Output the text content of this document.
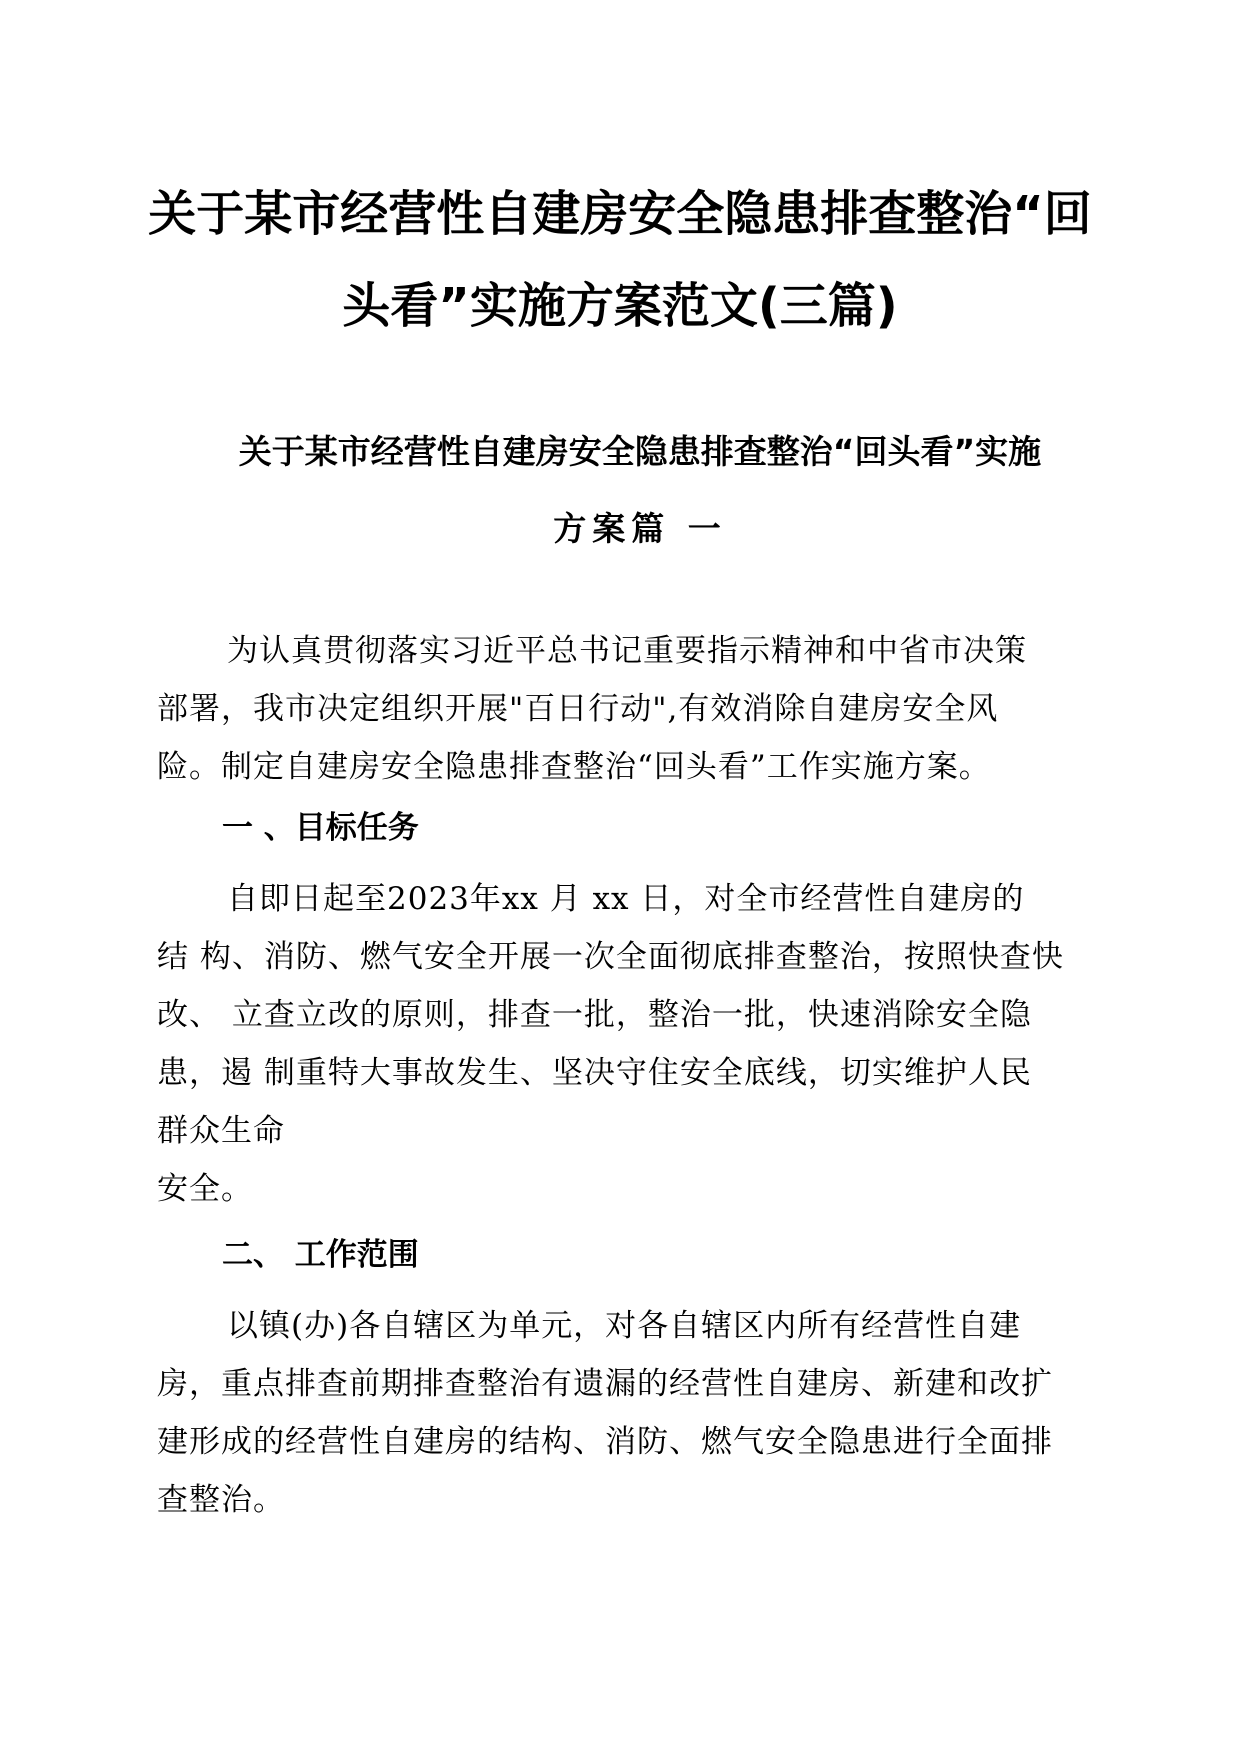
关于某市经营性自建房安全隐患排查整治“回
头看”实施方案范文(三篇)
关于某市经营性自建房安全隐患排查整治“回头看”实施
方案篇 一
为认真贯彻落实习近平总书记重要指示精神和中省市决策
部署，我市决定组织开展"百日行动",有效消除自建房安全风
险。制定自建房安全隐患排查整治“回头看”工作实施方案。
一 、目标任务
自即日起至2023年xx 月 xx 日，对全市经营性自建房的
结 构、消防、燃气安全开展一次全面彻底排查整治，按照快查快
改、 立查立改的原则，排查一批，整治一批，快速消除安全隐
患，遏 制重特大事故发生、坚决守住安全底线，切实维护人民
群众生命
安全。
二、 工作范围
以镇(办)各自辖区为单元，对各自辖区内所有经营性自建
房，重点排查前期排查整治有遗漏的经营性自建房、新建和改扩
建形成的经营性自建房的结构、消防、燃气安全隐患进行全面排
查整治。
